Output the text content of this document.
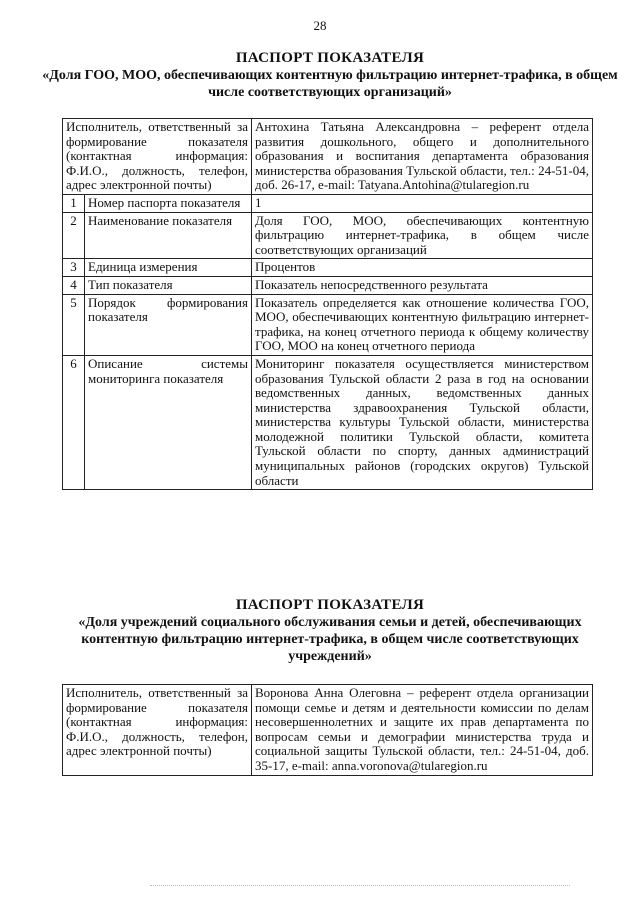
28
ПАСПОРТ ПОКАЗАТЕЛЯ
«Доля ГОО, МОО, обеспечивающих контентную фильтрацию интернет-трафика, в общем числе соответствующих организаций»
Исполнитель, ответственный за формирование показателя (контактная информация: Ф.И.О., должность, телефон, адрес электронной почты)		Антохина Татьяна Александровна – референт отдела развития дошкольного, общего и дополнительного образования и воспитания департамента образования министерства образования Тульской области, тел.: 24-51-04, доб. 26-17, e-mail: Tatyana.Antohina@tularegion.ru
1	Номер паспорта показателя	1
2	Наименование показателя	Доля ГОО, МОО, обеспечивающих контентную фильтрацию интернет-трафика, в общем числе соответствующих организаций
3	Единица измерения	Процентов
4	Тип показателя	Показатель непосредственного результата
5	Порядок формирования показателя	Показатель определяется как отношение количества ГОО, МОО, обеспечивающих контентную фильтрацию интернет-трафика, на конец отчетного периода к общему количеству ГОО, МОО на конец отчетного периода
6	Описание системы мониторинга показателя	Мониторинг показателя осуществляется министерством образования Тульской области 2 раза в год на основании ведомственных данных, ведомственных данных министерства здравоохранения Тульской области, министерства культуры Тульской области, министерства молодежной политики Тульской области, комитета Тульской области по спорту, данных администраций муниципальных районов (городских округов) Тульской области
ПАСПОРТ ПОКАЗАТЕЛЯ
«Доля учреждений социального обслуживания семьи и детей, обеспечивающих контентную фильтрацию интернет-трафика, в общем числе соответствующих учреждений»
Исполнитель, ответственный за формирование показателя (контактная информация: Ф.И.О., должность, телефон, адрес электронной почты)	Воронова Анна Олеговна – референт отдела организации помощи семье и детям и деятельности комиссии по делам несовершеннолетних и защите их прав департамента по вопросам семьи и демографии министерства труда и социальной защиты Тульской области, тел.: 24-51-04, доб. 35-17, e-mail: anna.voronova@tularegion.ru
